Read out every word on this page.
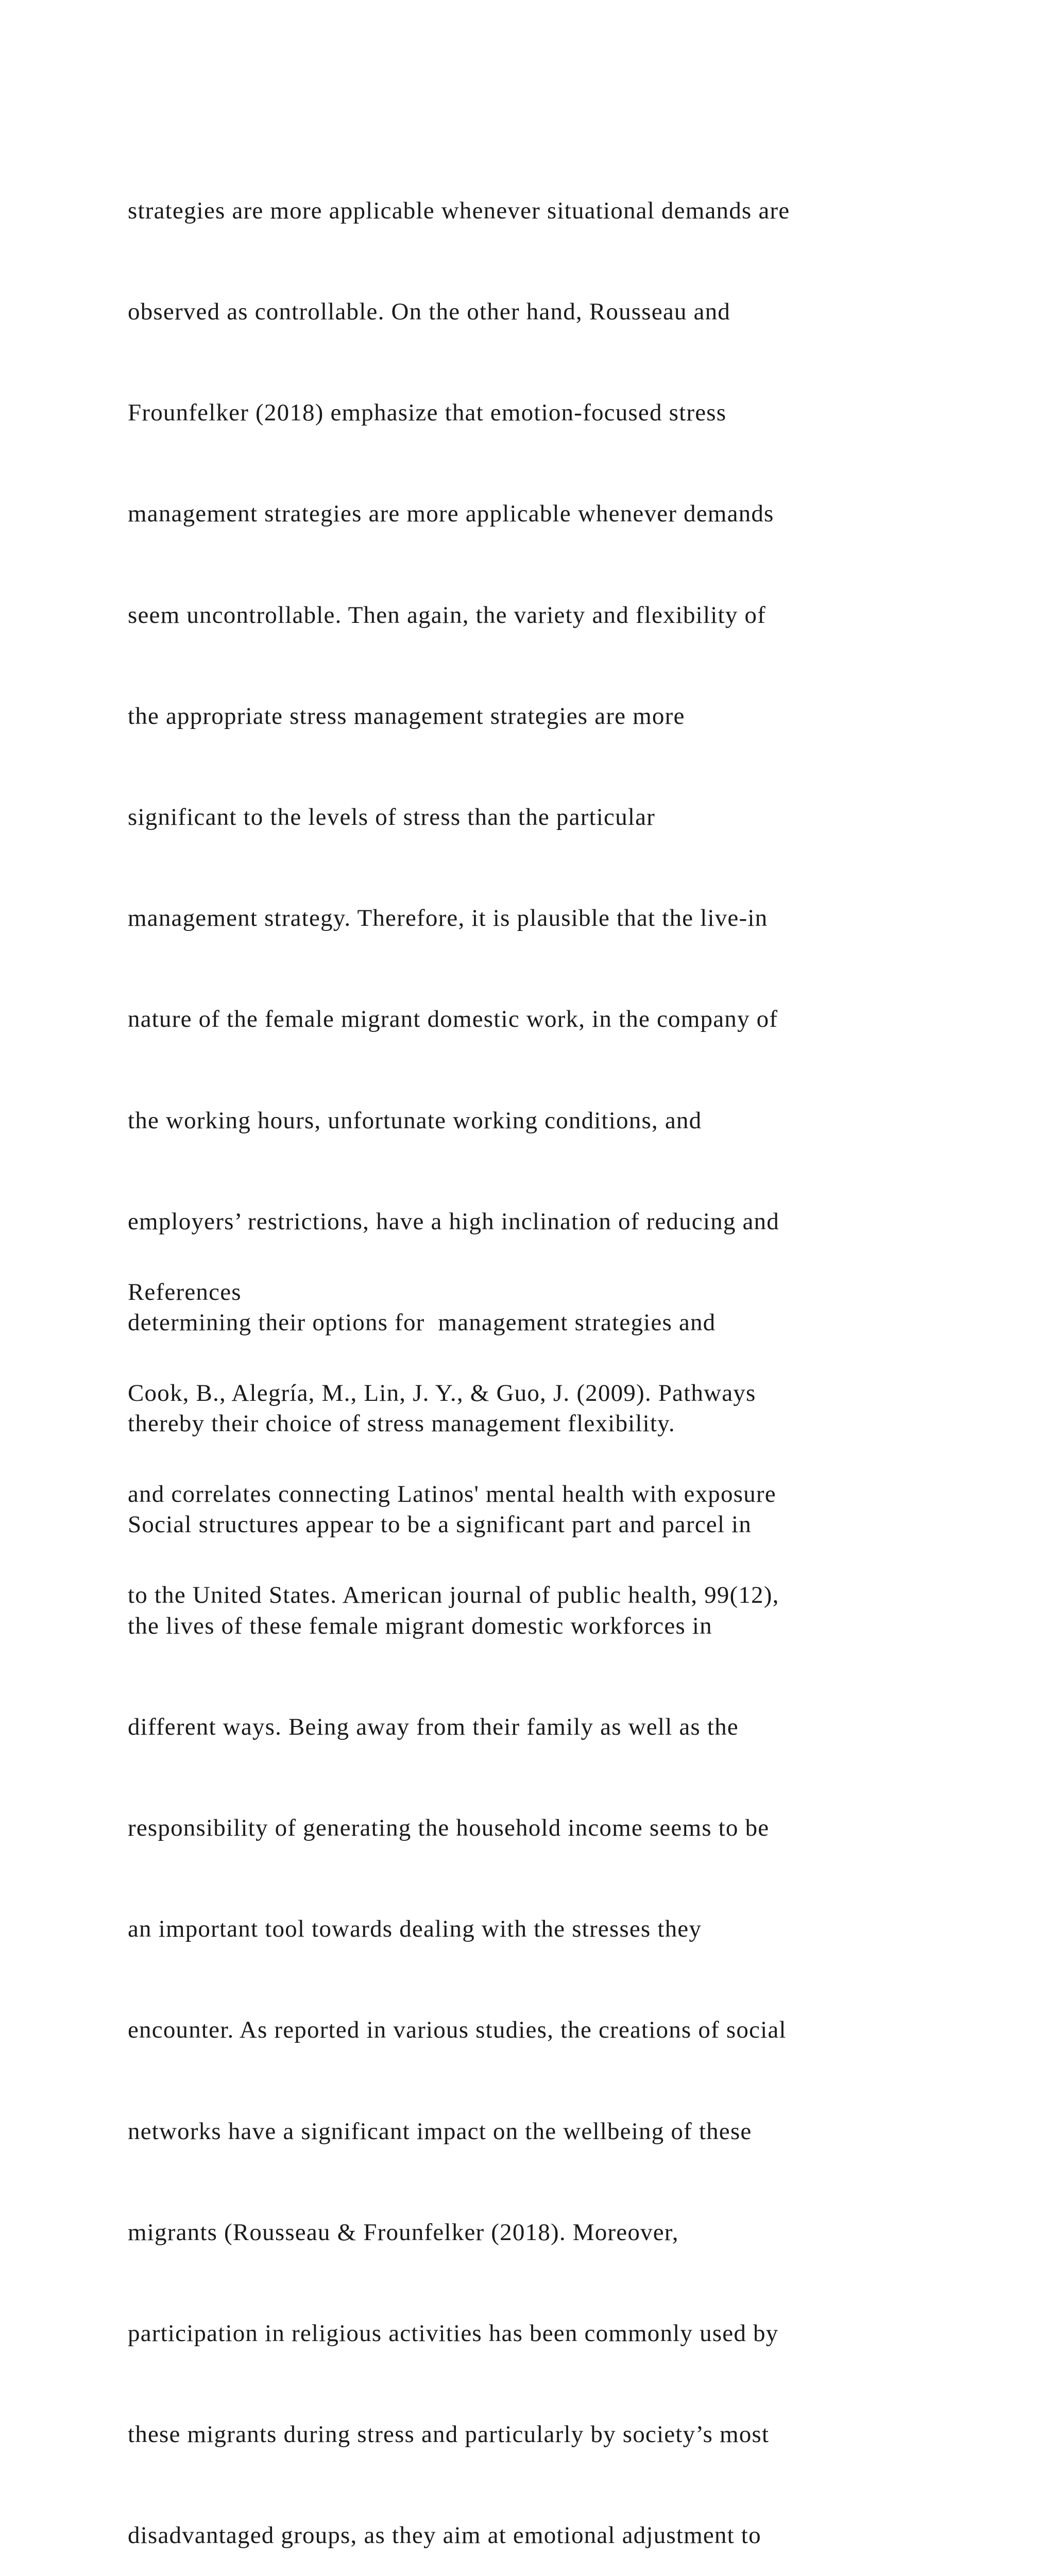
strategies are more applicable whenever situational demands are

observed as controllable. On the other hand, Rousseau and

Frounfelker (2018) emphasize that emotion-focused stress

management strategies are more applicable whenever demands

seem uncontrollable. Then again, the variety and flexibility of

the appropriate stress management strategies are more

significant to the levels of stress than the particular

management strategy. Therefore, it is plausible that the live-in

nature of the female migrant domestic work, in the company of

the working hours, unfortunate working conditions, and

employers’ restrictions, have a high inclination of reducing and

determining their options for  management strategies and

thereby their choice of stress management flexibility.

Social structures appear to be a significant part and parcel in

the lives of these female migrant domestic workforces in

different ways. Being away from their family as well as the

responsibility of generating the household income seems to be

an important tool towards dealing with the stresses they

encounter. As reported in various studies, the creations of social

networks have a significant impact on the wellbeing of these

migrants (Rousseau & Frounfelker (2018). Moreover,

participation in religious activities has been commonly used by

these migrants during stress and particularly by society’s most

disadvantaged groups, as they aim at emotional adjustment to

References

Cook, B., Alegría, M., Lin, J. Y., & Guo, J. (2009). Pathways

and correlates connecting Latinos' mental health with exposure

to the United States. American journal of public health, 99(12),
